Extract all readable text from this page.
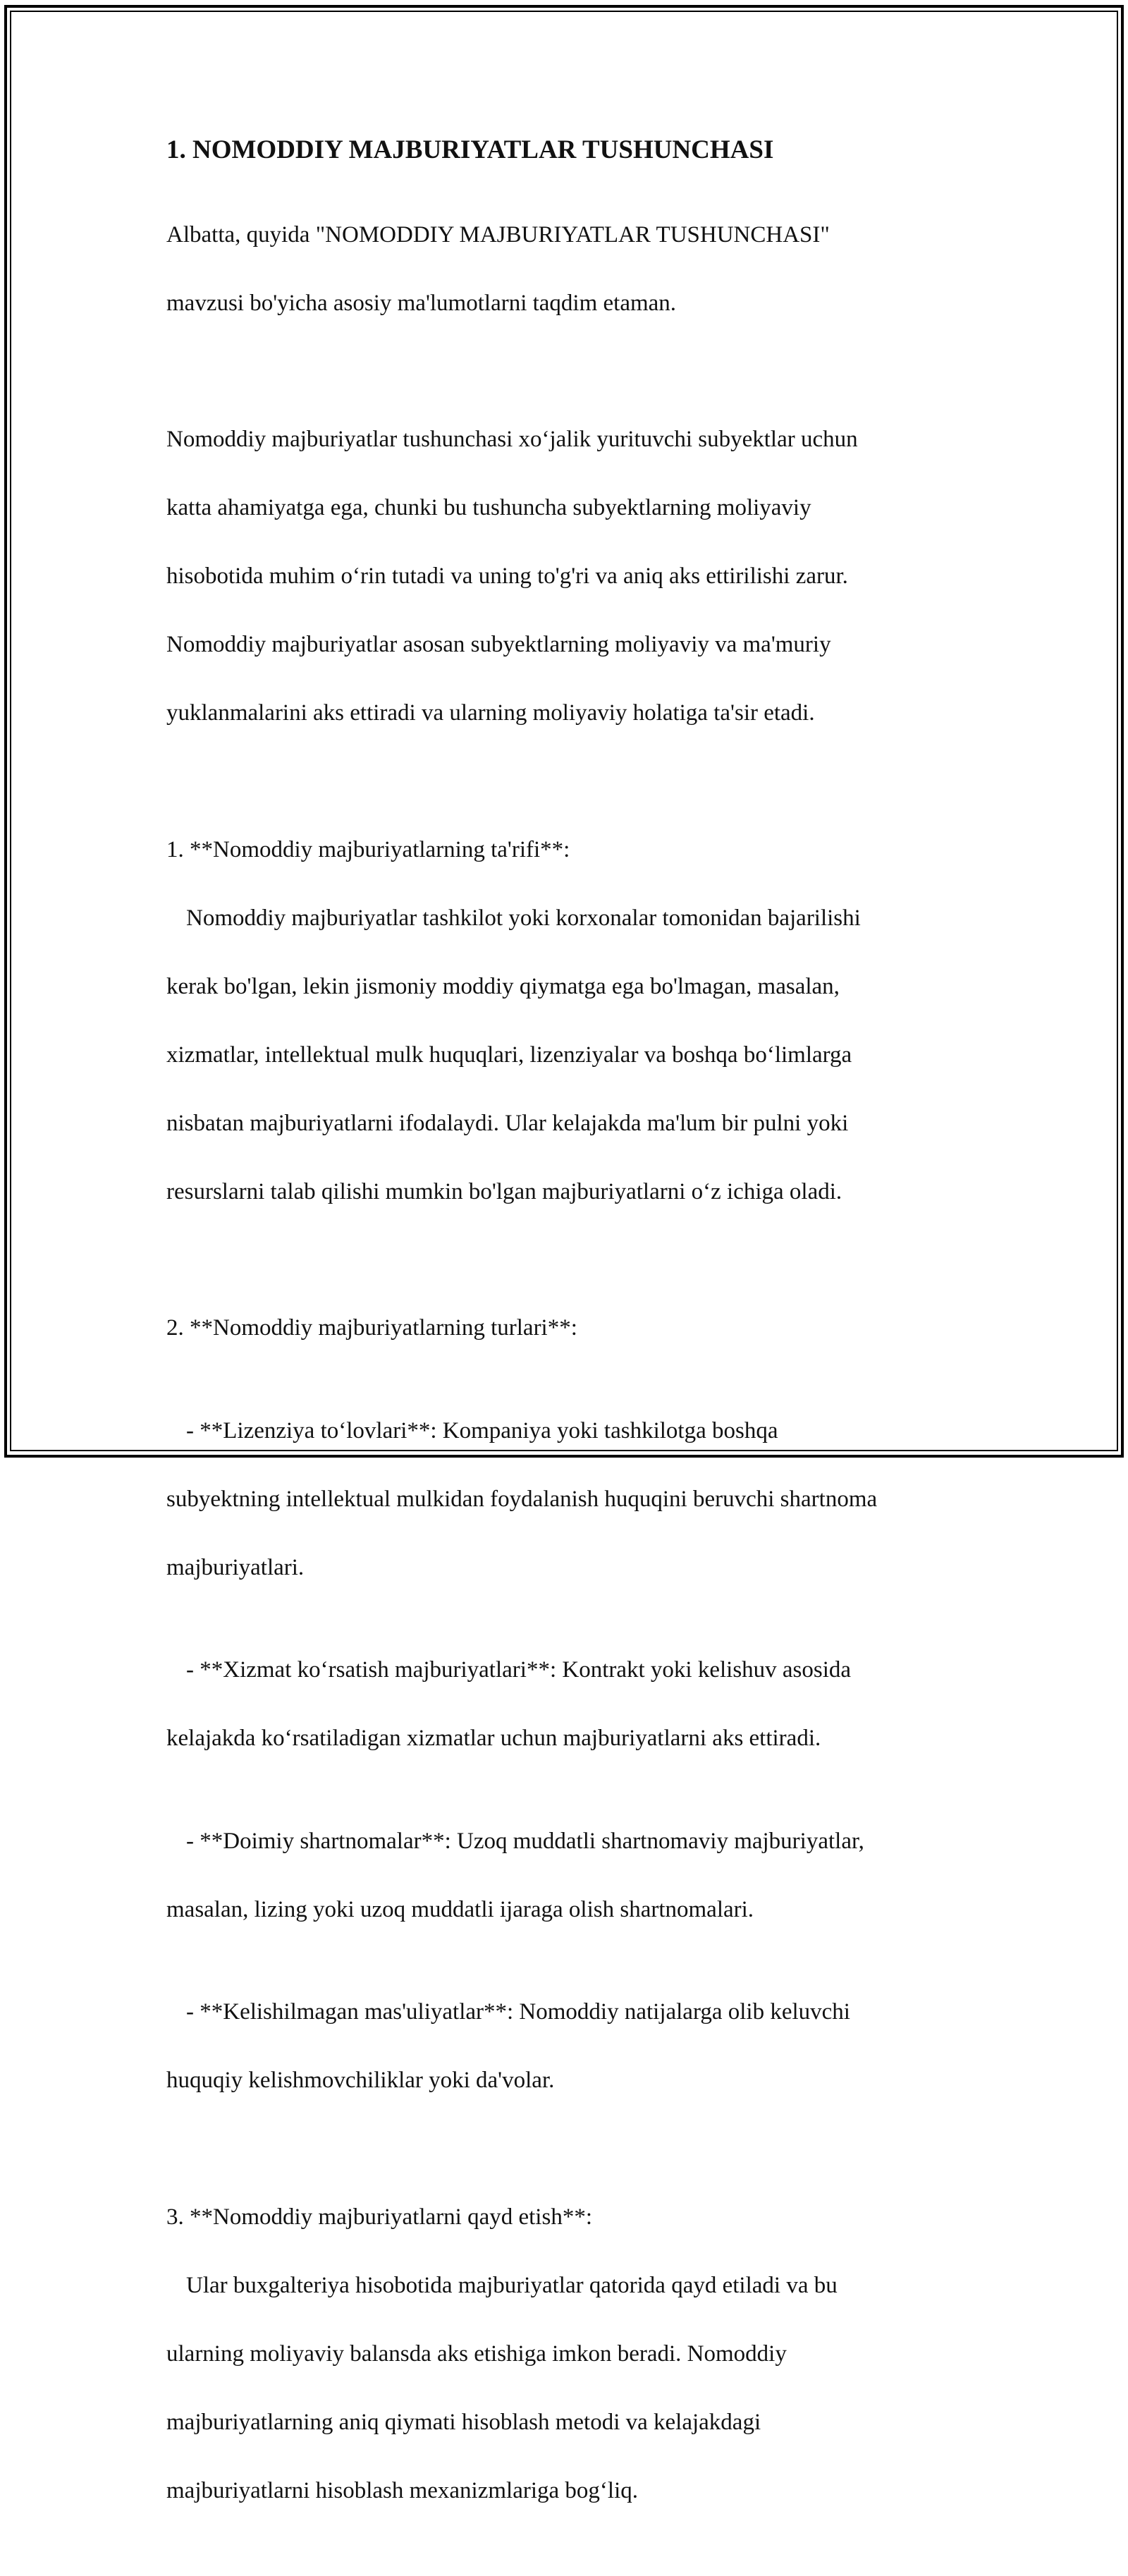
1. NOMODDIY MAJBURIYATLAR TUSHUNCHASI

Albatta, quyida "NOMODDIY MAJBURIYATLAR TUSHUNCHASI"

mavzusi bo'yicha asosiy ma'lumotlarni taqdim etaman.

Nomoddiy majburiyatlar tushunchasi xoʻjalik yurituvchi subyektlar uchun

katta ahamiyatga ega, chunki bu tushuncha subyektlarning moliyaviy

hisobotida muhim oʻrin tutadi va uning to'g'ri va aniq aks ettirilishi zarur.

Nomoddiy majburiyatlar asosan subyektlarning moliyaviy va ma'muriy

yuklanmalarini aks ettiradi va ularning moliyaviy holatiga ta'sir etadi.

1. **Nomoddiy majburiyatlarning ta'rifi**:

Nomoddiy majburiyatlar tashkilot yoki korxonalar tomonidan bajarilishi

kerak bo'lgan, lekin jismoniy moddiy qiymatga ega bo'lmagan, masalan,

xizmatlar, intellektual mulk huquqlari, lizenziyalar va boshqa boʻlimlarga

nisbatan majburiyatlarni ifodalaydi. Ular kelajakda ma'lum bir pulni yoki

resurslarni talab qilishi mumkin bo'lgan majburiyatlarni oʻz ichiga oladi.

2. **Nomoddiy majburiyatlarning turlari**:

- **Lizenziya toʻlovlari**: Kompaniya yoki tashkilotga boshqa

subyektning intellektual mulkidan foydalanish huquqini beruvchi shartnoma

majburiyatlari.

- **Xizmat koʻrsatish majburiyatlari**: Kontrakt yoki kelishuv asosida

kelajakda koʻrsatiladigan xizmatlar uchun majburiyatlarni aks ettiradi.

- **Doimiy shartnomalar**: Uzoq muddatli shartnomaviy majburiyatlar,

masalan, lizing yoki uzoq muddatli ijaraga olish shartnomalari.

- **Kelishilmagan mas'uliyatlar**: Nomoddiy natijalarga olib keluvchi

huquqiy kelishmovchiliklar yoki da'volar.

3. **Nomoddiy majburiyatlarni qayd etish**:

Ular buxgalteriya hisobotida majburiyatlar qatorida qayd etiladi va bu

ularning moliyaviy balansda aks etishiga imkon beradi. Nomoddiy

majburiyatlarning aniq qiymati hisoblash metodi va kelajakdagi

majburiyatlarni hisoblash mexanizmlariga bogʻliq.
